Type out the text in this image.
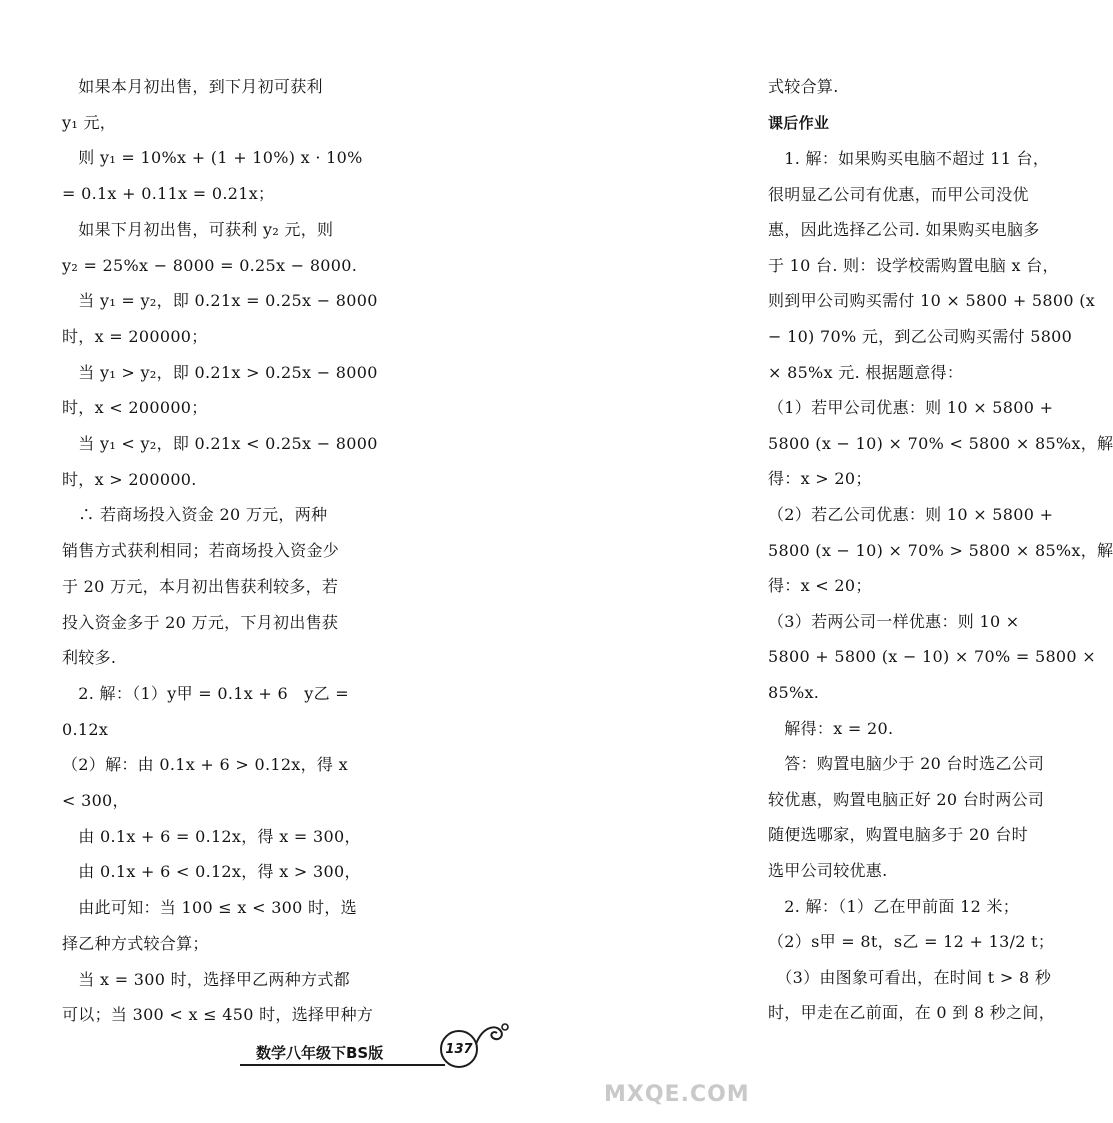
　如果本月初出售，到下月初可获利
y₁ 元，
　则 y₁ = 10%x + (1 + 10%) x · 10%
= 0.1x + 0.11x = 0.21x；
　如果下月初出售，可获利 y₂ 元，则
y₂ = 25%x − 8000 = 0.25x − 8000.
　当 y₁ = y₂，即 0.21x = 0.25x − 8000
时，x = 200000；
　当 y₁ > y₂，即 0.21x > 0.25x − 8000
时，x < 200000；
　当 y₁ < y₂，即 0.21x < 0.25x − 8000
时，x > 200000.
　∴ 若商场投入资金 20 万元，两种
销售方式获利相同；若商场投入资金少
于 20 万元，本月初出售获利较多，若
投入资金多于 20 万元，下月初出售获
利较多.
　2. 解：（1）y甲 = 0.1x + 6　y乙 =
0.12x
（2）解：由 0.1x + 6 > 0.12x，得 x
< 300，
　由 0.1x + 6 = 0.12x，得 x = 300，
　由 0.1x + 6 < 0.12x，得 x > 300，
　由此可知：当 100 ≤ x < 300 时，选
择乙种方式较合算；
　当 x = 300 时，选择甲乙两种方式都
可以；当 300 < x ≤ 450 时，选择甲种方
式较合算.
课后作业
　1. 解：如果购买电脑不超过 11 台，
很明显乙公司有优惠，而甲公司没优
惠，因此选择乙公司. 如果购买电脑多
于 10 台. 则：设学校需购置电脑 x 台，
则到甲公司购买需付 10 × 5800 + 5800 (x
− 10) 70% 元，到乙公司购买需付 5800
× 85%x 元. 根据题意得：
（1）若甲公司优惠：则 10 × 5800 +
5800 (x − 10) × 70% < 5800 × 85%x，解
得：x > 20；
（2）若乙公司优惠：则 10 × 5800 +
5800 (x − 10) × 70% > 5800 × 85%x，解
得：x < 20；
（3）若两公司一样优惠：则 10 ×
5800 + 5800 (x − 10) × 70% = 5800 ×
85%x.
　解得：x = 20.
　答：购置电脑少于 20 台时选乙公司
较优惠，购置电脑正好 20 台时两公司
随便选哪家，购置电脑多于 20 台时
选甲公司较优惠.
　2. 解：（1）乙在甲前面 12 米；
（2）s甲 = 8t，s乙 = 12 + 13/2 t；
　（3）由图象可看出，在时间 t > 8 秒
时，甲走在乙前面，在 0 到 8 秒之间，
数学八年级下BS版	137
MXQE.COM
